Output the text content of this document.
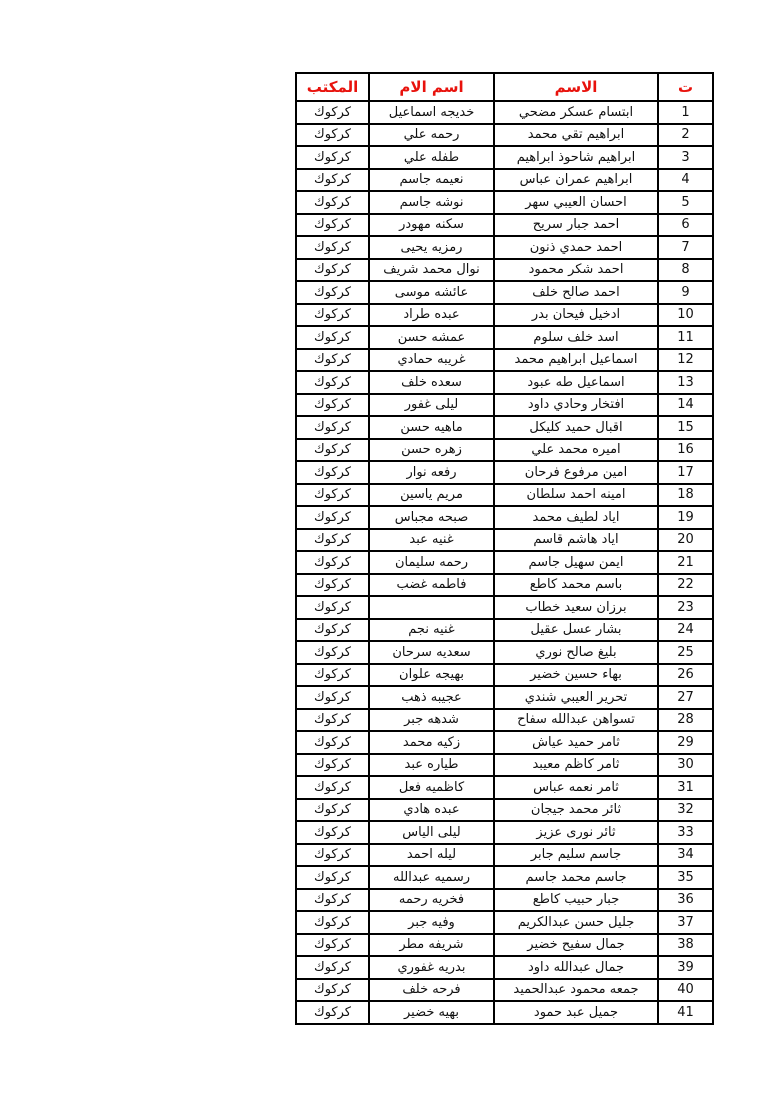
ت	الاسم	اسم الام	المكتب
1	ابتسام عسكر مضحي	خديجه اسماعيل	كركوك
2	ابراهيم تقي محمد	رحمه علي	كركوك
3	ابراهيم شاحوذ ابراهيم	طفله علي	كركوك
4	ابراهيم عمران عباس	نعيمه جاسم	كركوك
5	احسان العيبي سهر	نوشه جاسم	كركوك
6	احمد جبار سريح	سكنه مهودر	كركوك
7	احمد حمدي ذنون	رمزيه يحيى	كركوك
8	احمد شكر محمود	نوال محمد شريف	كركوك
9	احمد صالح خلف	عائشه موسى	كركوك
10	ادخيل فيحان بدر	عبده طراد	كركوك
11	اسد خلف سلوم	عمشه حسن	كركوك
12	اسماعيل ابراهيم محمد	غريبه حمادي	كركوك
13	اسماعيل طه عبود	سعده خلف	كركوك
14	افتخار وحادي داود	ليلى غفور	كركوك
15	اقبال حميد كليكل	ماهيه حسن	كركوك
16	اميره محمد علي	زهره حسن	كركوك
17	امين مرفوع فرحان	رفعه نوار	كركوك
18	امينه احمد سلطان	مريم ياسين	كركوك
19	اياد لطيف محمد	صبحه مجباس	كركوك
20	اياد هاشم قاسم	غنيه عبد	كركوك
21	ايمن سهيل جاسم	رحمه سليمان	كركوك
22	باسم محمد كاطع	فاطمه غضب	كركوك
23	برزان سعيد خطاب		كركوك
24	بشار عسل عقيل	غنيه نجم	كركوك
25	بليغ صالح نوري	سعديه سرحان	كركوك
26	بهاء حسين خضير	بهيجه علوان	كركوك
27	تحرير العيبي شندي	عجيبه ذهب	كركوك
28	تسواهن عبدالله سفاح	شدهه جبر	كركوك
29	ثامر حميد عياش	زكيه محمد	كركوك
30	ثامر كاظم معيبد	طياره عبد	كركوك
31	ثامر نعمه عباس	كاظميه فعل	كركوك
32	ثائر محمد جيجان	عبده هادي	كركوك
33	ثائر نورى عزيز	ليلى الياس	كركوك
34	جاسم سليم جابر	ليله احمد	كركوك
35	جاسم محمد جاسم	رسميه عبدالله	كركوك
36	جبار حبيب كاطع	فخريه رحمه	كركوك
37	جليل حسن عبدالكريم	وفيه جبر	كركوك
38	جمال سفيح خضير	شريفه مطر	كركوك
39	جمال عبدالله داود	بدريه غفوري	كركوك
40	جمعه محمود عبدالحميد	فرحه خلف	كركوك
41	جميل عبد حمود	بهيه خضير	كركوك
